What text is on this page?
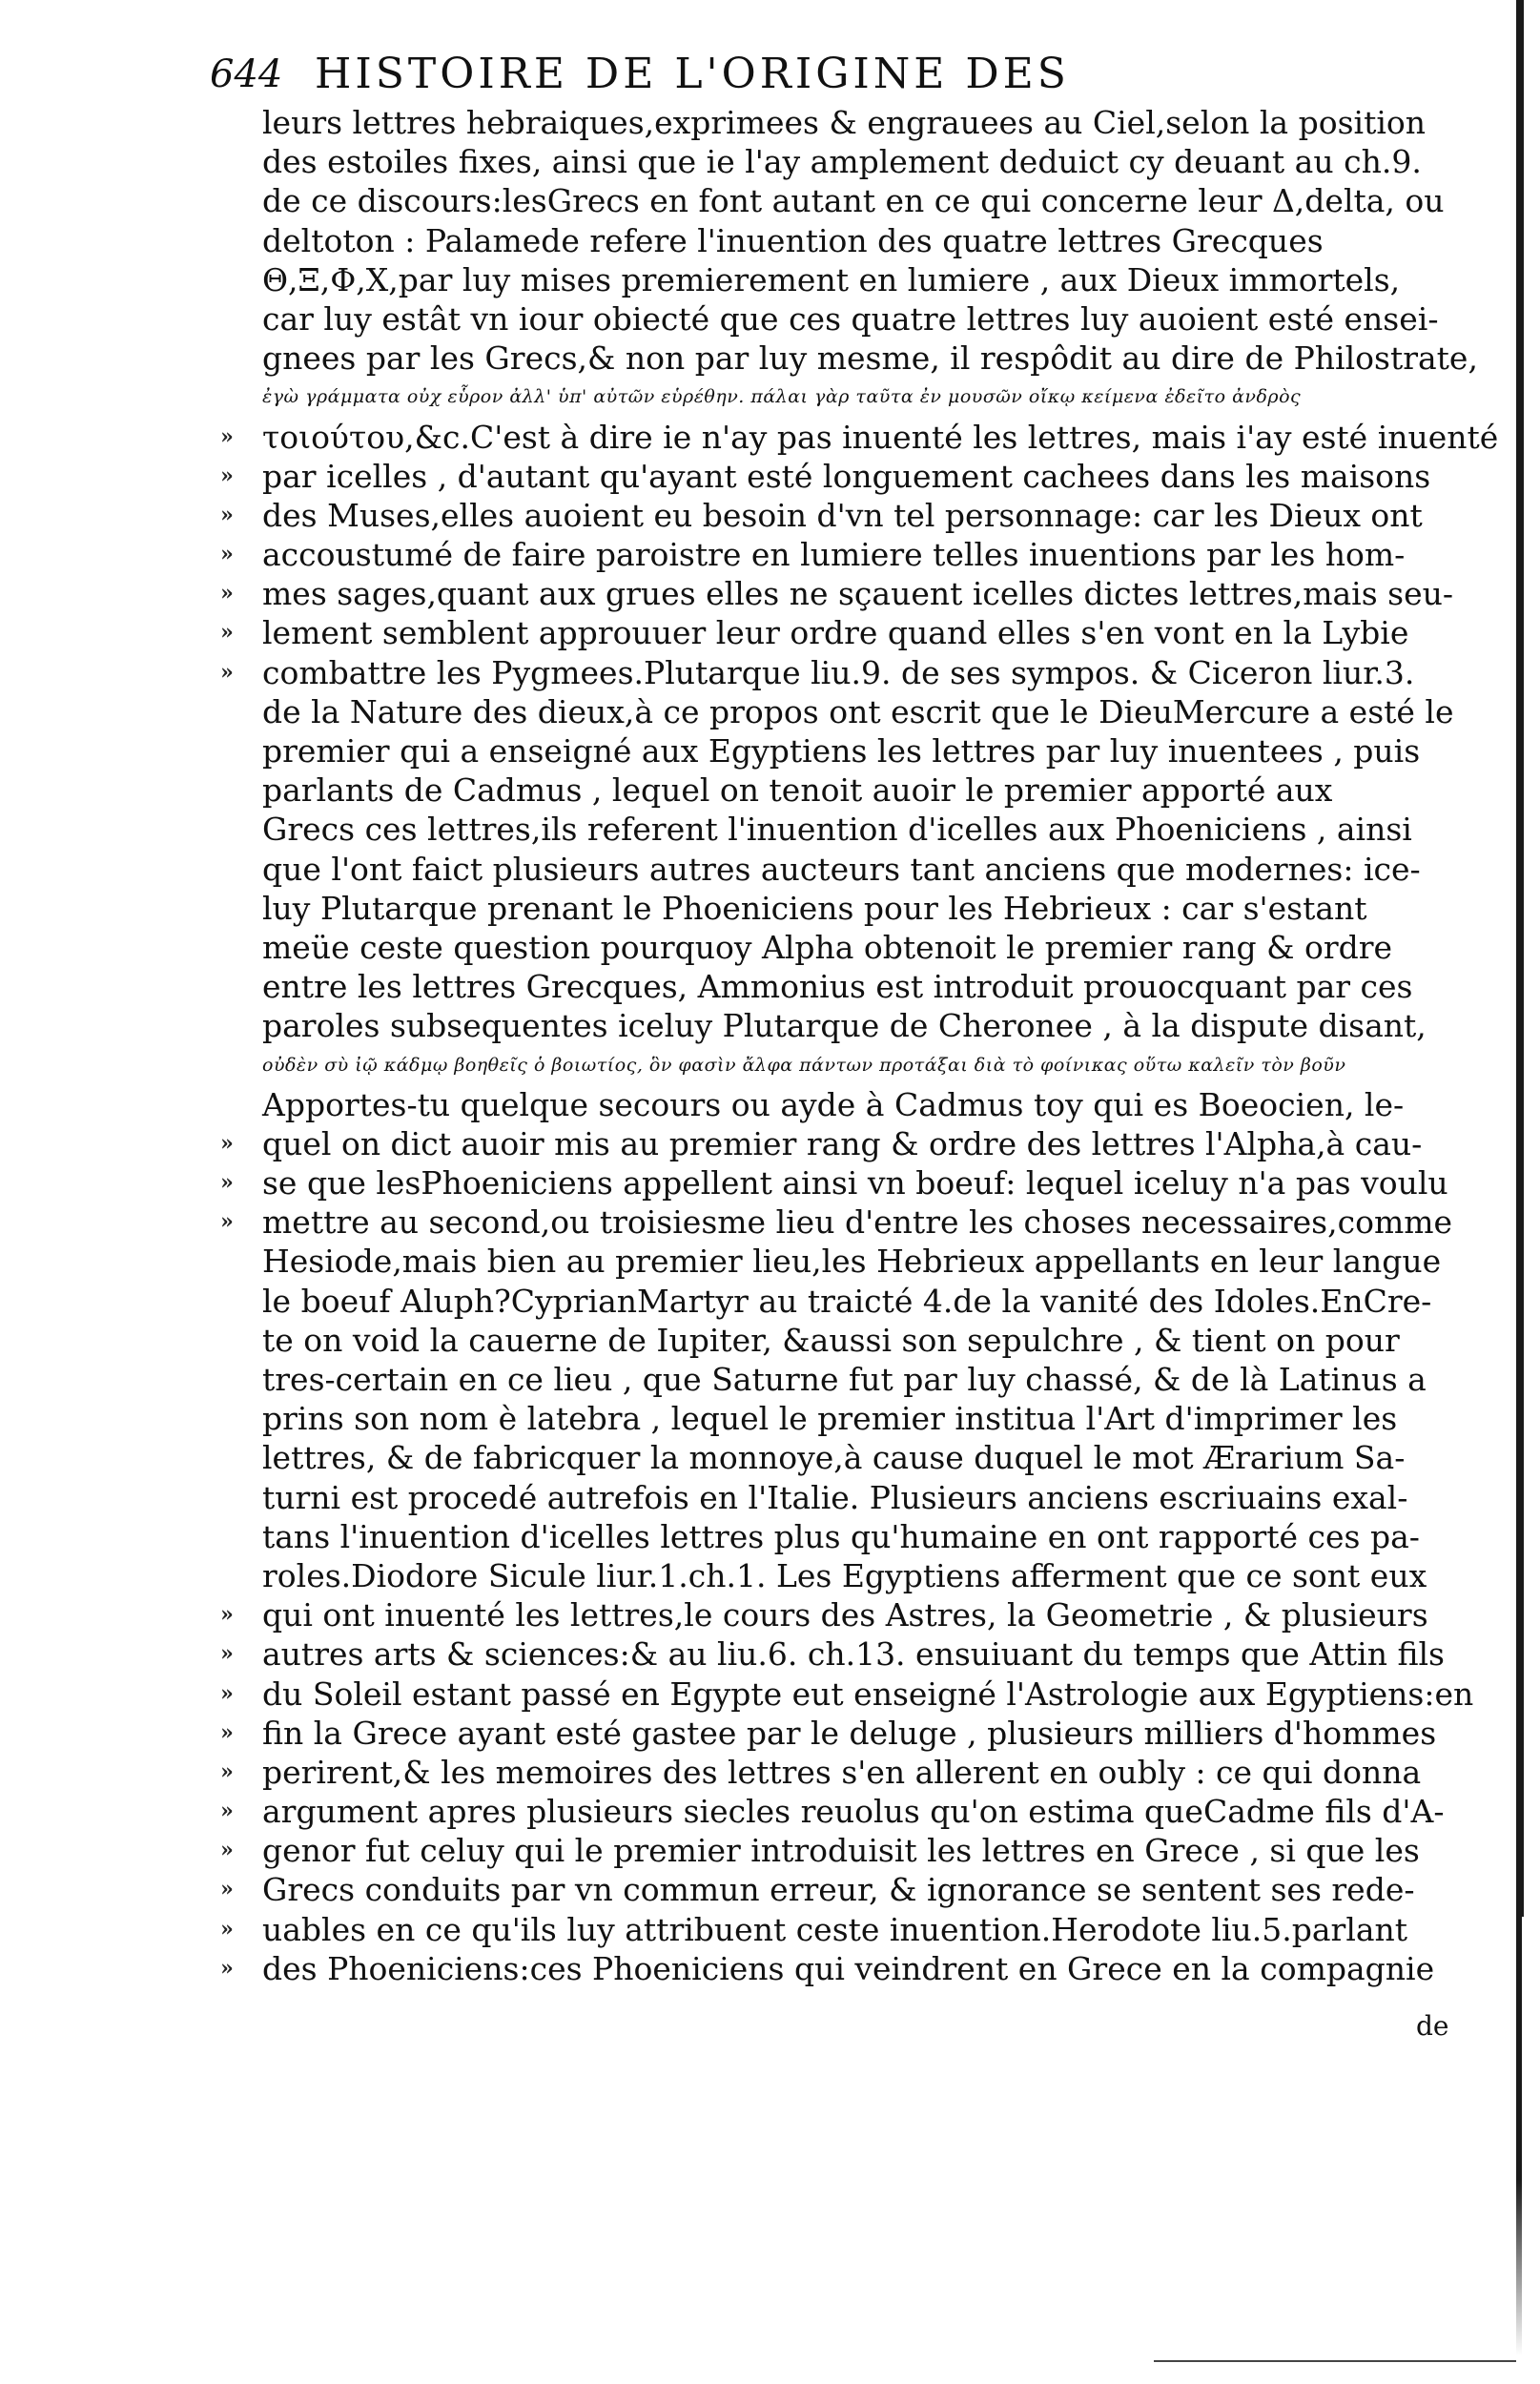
644 HISTOIRE DE L'ORIGINE DES
leurs lettres hebraiques,exprimees & engrauees au Ciel,selon la position
des estoiles fixes, ainsi que ie l'ay amplement deduict cy deuant au ch.9.
de ce discours:lesGrecs en font autant en ce qui concerne leur Δ,delta, ou
deltoton : Palamede refere l'inuention des quatre lettres Grecques
Θ,Ξ,Φ,Χ,par luy mises premierement en lumiere , aux Dieux immortels,
car luy estât vn iour obiecté que ces quatre lettres luy auoient esté ensei-
gnees par les Grecs,& non par luy mesme, il respôdit au dire de Philostrate,
ἐγὼ γράμματα οὐχ εὗρον ἀλλ' ὑπ' αὐτῶν εὑρέθην. πάλαι γὰρ ταῦτα ἐν μουσῶν οἴκῳ κείμενα ἐδεῖτο ἀνδρὸς
» τοιούτου,&c.C'est à dire ie n'ay pas inuenté les lettres, mais i'ay esté inuenté
» par icelles , d'autant qu'ayant esté longuement cachees dans les maisons
» des Muses,elles auoient eu besoin d'vn tel personnage: car les Dieux ont
» accoustumé de faire paroistre en lumiere telles inuentions par les hom-
» mes sages,quant aux grues elles ne sçauent icelles dictes lettres,mais seu-
» lement semblent approuuer leur ordre quand elles s'en vont en la Lybie
» combattre les Pygmees.Plutarque liu.9. de ses sympos. & Ciceron liur.3.
de la Nature des dieux,à ce propos ont escrit que le DieuMercure a esté le
premier qui a enseigné aux Egyptiens les lettres par luy inuentees , puis
parlants de Cadmus , lequel on tenoit auoir le premier apporté aux
Grecs ces lettres,ils referent l'inuention d'icelles aux Phoeniciens , ainsi
que l'ont faict plusieurs autres aucteurs tant anciens que modernes: ice-
luy Plutarque prenant le Phoeniciens pour les Hebrieux : car s'estant
meüe ceste question pourquoy Alpha obtenoit le premier rang & ordre
entre les lettres Grecques, Ammonius est introduit prouocquant par ces
paroles subsequentes iceluy Plutarque de Cheronee , à la dispute disant,
οὐδὲν σὺ ἰῷ κάδμῳ βοηθεῖς ὁ βοιωτίος, ὃν φασὶν ἄλφα πάντων προτάξαι διὰ τὸ φοίνικας οὕτω καλεῖν τὸν βοῦν
Apportes-tu quelque secours ou ayde à Cadmus toy qui es Boeocien, le-
» quel on dict auoir mis au premier rang & ordre des lettres l'Alpha,à cau-
» se que lesPhoeniciens appellent ainsi vn boeuf: lequel iceluy n'a pas voulu
» mettre au second,ou troisiesme lieu d'entre les choses necessaires,comme
Hesiode,mais bien au premier lieu,les Hebrieux appellants en leur langue
le boeuf Aluph?CyprianMartyr au traicté 4.de la vanité des Idoles.EnCre-
te on void la cauerne de Iupiter, &aussi son sepulchre , & tient on pour
tres-certain en ce lieu , que Saturne fut par luy chassé, & de là Latinus a
prins son nom è latebra , lequel le premier institua l'Art d'imprimer les
lettres, & de fabricquer la monnoye,à cause duquel le mot Ærarium Sa-
turni est procedé autrefois en l'Italie. Plusieurs anciens escriuains exal-
tans l'inuention d'icelles lettres plus qu'humaine en ont rapporté ces pa-
roles.Diodore Sicule liur.1.ch.1. Les Egyptiens afferment que ce sont eux
» qui ont inuenté les lettres,le cours des Astres, la Geometrie , & plusieurs
» autres arts & sciences:& au liu.6. ch.13. ensuiuant du temps que Attin fils
» du Soleil estant passé en Egypte eut enseigné l'Astrologie aux Egyptiens:en
» fin la Grece ayant esté gastee par le deluge , plusieurs milliers d'hommes
» perirent,& les memoires des lettres s'en allerent en oubly : ce qui donna
» argument apres plusieurs siecles reuolus qu'on estima queCadme fils d'A-
» genor fut celuy qui le premier introduisit les lettres en Grece , si que les
» Grecs conduits par vn commun erreur, & ignorance se sentent ses rede-
» uables en ce qu'ils luy attribuent ceste inuention.Herodote liu.5.parlant
» des Phoeniciens:ces Phoeniciens qui veindrent en Grece en la compagnie
de
